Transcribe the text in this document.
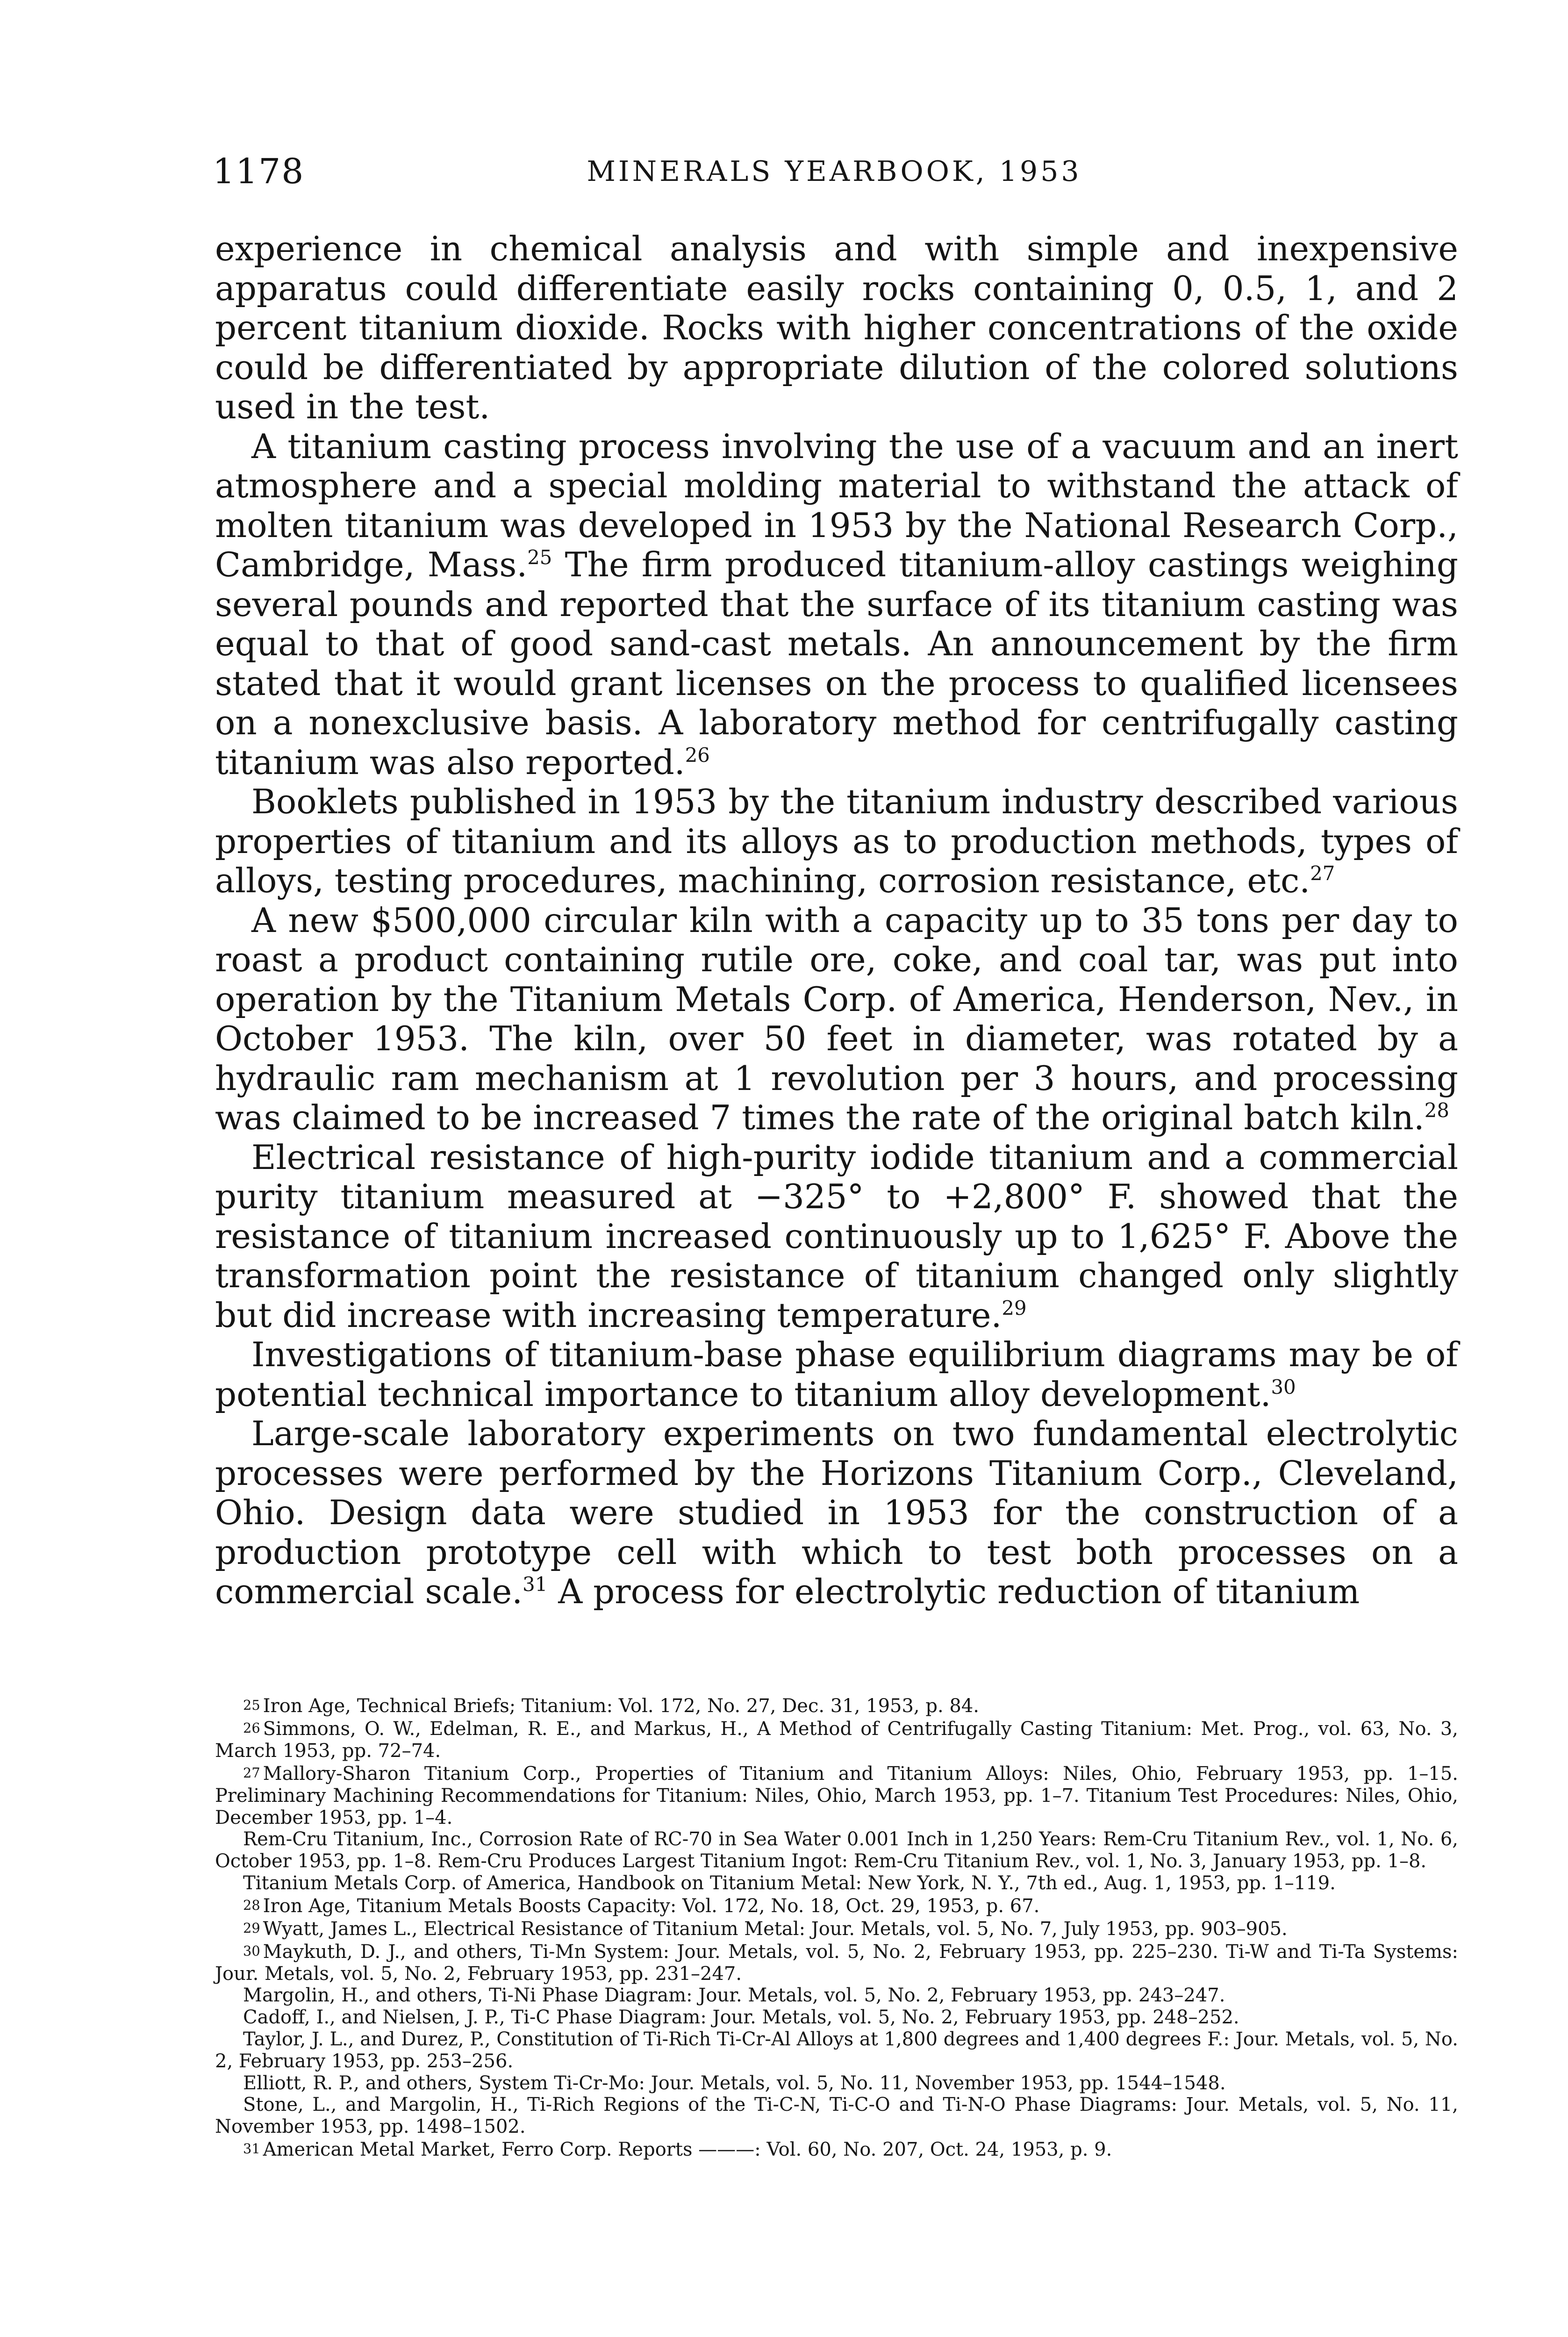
1178	MINERALS YEARBOOK, 1953

experience in chemical analysis and with simple and inexpensive apparatus could differentiate easily rocks containing 0, 0.5, 1, and 2 percent titanium dioxide. Rocks with higher concentrations of the oxide could be differentiated by appropriate dilution of the colored solutions used in the test.

A titanium casting process involving the use of a vacuum and an inert atmosphere and a special molding material to withstand the attack of molten titanium was developed in 1953 by the National Research Corp., Cambridge, Mass.$^{25}$ The firm produced titanium-alloy castings weighing several pounds and reported that the surface of its titanium casting was equal to that of good sand-cast metals. An announcement by the firm stated that it would grant licenses on the process to qualified licensees on a nonexclusive basis. A laboratory method for centrifugally casting titanium was also reported.$^{26}$

Booklets published in 1953 by the titanium industry described various properties of titanium and its alloys as to production methods, types of alloys, testing procedures, machining, corrosion resistance, etc.$^{27}$

A new $500,000 circular kiln with a capacity up to 35 tons per day to roast a product containing rutile ore, coke, and coal tar, was put into operation by the Titanium Metals Corp. of America, Henderson, Nev., in October 1953. The kiln, over 50 feet in diameter, was rotated by a hydraulic ram mechanism at 1 revolution per 3 hours, and processing was claimed to be increased 7 times the rate of the original batch kiln.$^{28}$

Electrical resistance of high-purity iodide titanium and a commercial purity titanium measured at −325° to +2,800° F. showed that the resistance of titanium increased continuously up to 1,625° F. Above the transformation point the resistance of titanium changed only slightly but did increase with increasing temperature.$^{29}$

Investigations of titanium-base phase equilibrium diagrams may be of potential technical importance to titanium alloy development.$^{30}$

Large-scale laboratory experiments on two fundamental electrolytic processes were performed by the Horizons Titanium Corp., Cleveland, Ohio. Design data were studied in 1953 for the construction of a production prototype cell with which to test both processes on a commercial scale.$^{31}$ A process for electrolytic reduction of titanium

25 Iron Age, Technical Briefs; Titanium: Vol. 172, No. 27, Dec. 31, 1953, p. 84.

26 Simmons, O. W., Edelman, R. E., and Markus, H., A Method of Centrifugally Casting Titanium: Met. Prog., vol. 63, No. 3, March 1953, pp. 72–74.

27 Mallory-Sharon Titanium Corp., Properties of Titanium and Titanium Alloys: Niles, Ohio, February 1953, pp. 1–15. Preliminary Machining Recommendations for Titanium: Niles, Ohio, March 1953, pp. 1–7. Titanium Test Procedures: Niles, Ohio, December 1953, pp. 1–4.

Rem-Cru Titanium, Inc., Corrosion Rate of RC-70 in Sea Water 0.001 Inch in 1,250 Years: Rem-Cru Titanium Rev., vol. 1, No. 6, October 1953, pp. 1–8. Rem-Cru Produces Largest Titanium Ingot: Rem-Cru Titanium Rev., vol. 1, No. 3, January 1953, pp. 1–8.

Titanium Metals Corp. of America, Handbook on Titanium Metal: New York, N. Y., 7th ed., Aug. 1, 1953, pp. 1–119.

28 Iron Age, Titanium Metals Boosts Capacity: Vol. 172, No. 18, Oct. 29, 1953, p. 67.

29 Wyatt, James L., Electrical Resistance of Titanium Metal: Jour. Metals, vol. 5, No. 7, July 1953, pp. 903–905.

30 Maykuth, D. J., and others, Ti-Mn System: Jour. Metals, vol. 5, No. 2, February 1953, pp. 225–230. Ti-W and Ti-Ta Systems: Jour. Metals, vol. 5, No. 2, February 1953, pp. 231–247.

Margolin, H., and others, Ti-Ni Phase Diagram: Jour. Metals, vol. 5, No. 2, February 1953, pp. 243–247.

Cadoff, I., and Nielsen, J. P., Ti-C Phase Diagram: Jour. Metals, vol. 5, No. 2, February 1953, pp. 248–252.

Taylor, J. L., and Durez, P., Constitution of Ti-Rich Ti-Cr-Al Alloys at 1,800 degrees and 1,400 degrees F.: Jour. Metals, vol. 5, No. 2, February 1953, pp. 253–256.

Elliott, R. P., and others, System Ti-Cr-Mo: Jour. Metals, vol. 5, No. 11, November 1953, pp. 1544–1548.

Stone, L., and Margolin, H., Ti-Rich Regions of the Ti-C-N, Ti-C-O and Ti-N-O Phase Diagrams: Jour. Metals, vol. 5, No. 11, November 1953, pp. 1498–1502.

31 American Metal Market, Ferro Corp. Reports ———: Vol. 60, No. 207, Oct. 24, 1953, p. 9.
